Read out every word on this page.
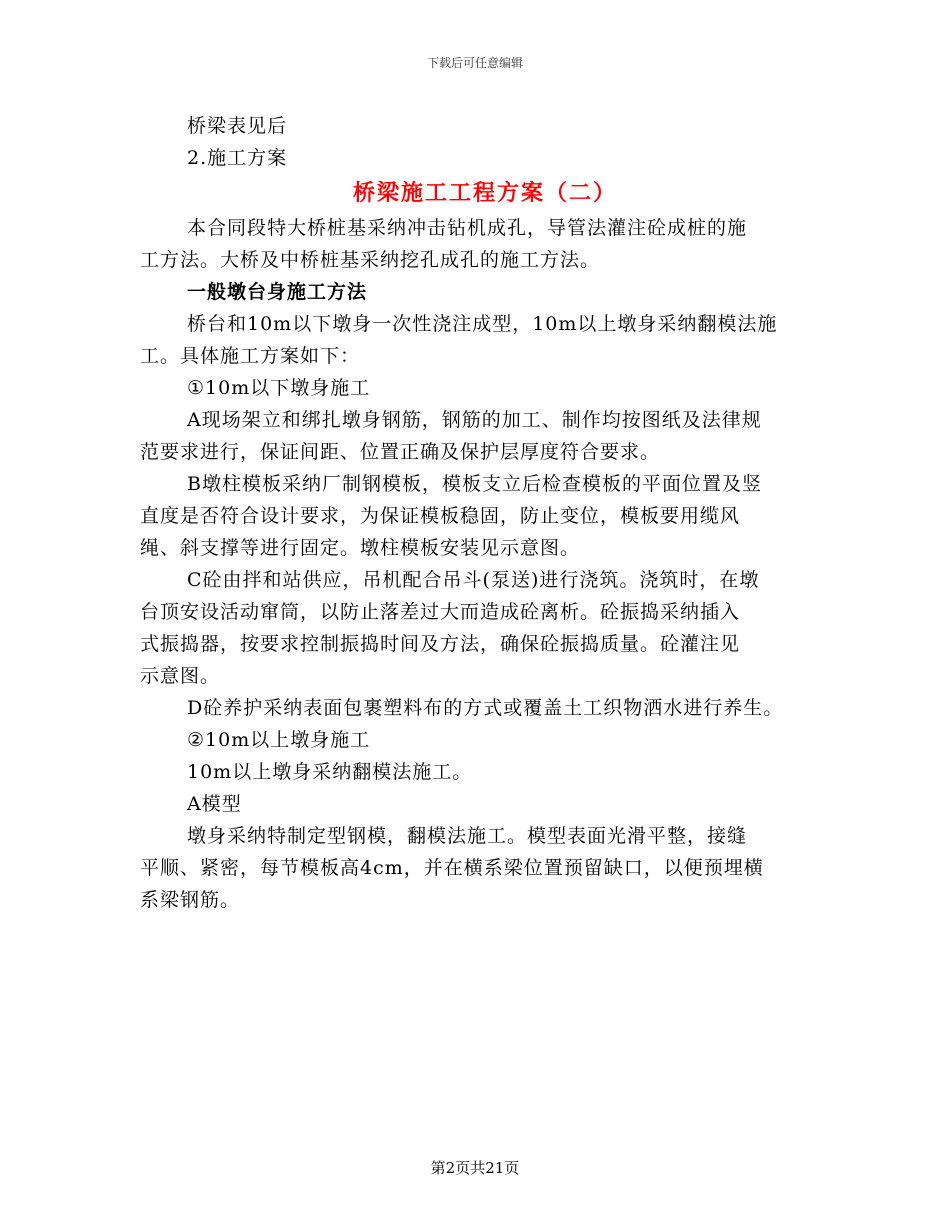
下载后可任意编辑
桥梁表见后
2.施工方案
桥梁施工工程方案（二）
本合同段特大桥桩基采纳冲击钻机成孔，导管法灌注砼成桩的施
工方法。大桥及中桥桩基采纳挖孔成孔的施工方法。
一般墩台身施工方法
桥台和10m以下墩身一次性浇注成型，10m以上墩身采纳翻模法施
工。具体施工方案如下：
①10m以下墩身施工
A现场架立和绑扎墩身钢筋，钢筋的加工、制作均按图纸及法律规
范要求进行，保证间距、位置正确及保护层厚度符合要求。
B墩柱模板采纳厂制钢模板，模板支立后检查模板的平面位置及竖
直度是否符合设计要求，为保证模板稳固，防止变位，模板要用缆风
绳、斜支撑等进行固定。墩柱模板安装见示意图。
C砼由拌和站供应，吊机配合吊斗(泵送)进行浇筑。浇筑时，在墩
台顶安设活动窜筒，以防止落差过大而造成砼离析。砼振捣采纳插入
式振捣器，按要求控制振捣时间及方法，确保砼振捣质量。砼灌注见
示意图。
D砼养护采纳表面包裹塑料布的方式或覆盖土工织物洒水进行养生。
②10m以上墩身施工
10m以上墩身采纳翻模法施工。
A模型
墩身采纳特制定型钢模，翻模法施工。模型表面光滑平整，接缝
平顺、紧密，每节模板高4cm，并在横系梁位置预留缺口，以便预埋横
系梁钢筋。
第2页共21页
